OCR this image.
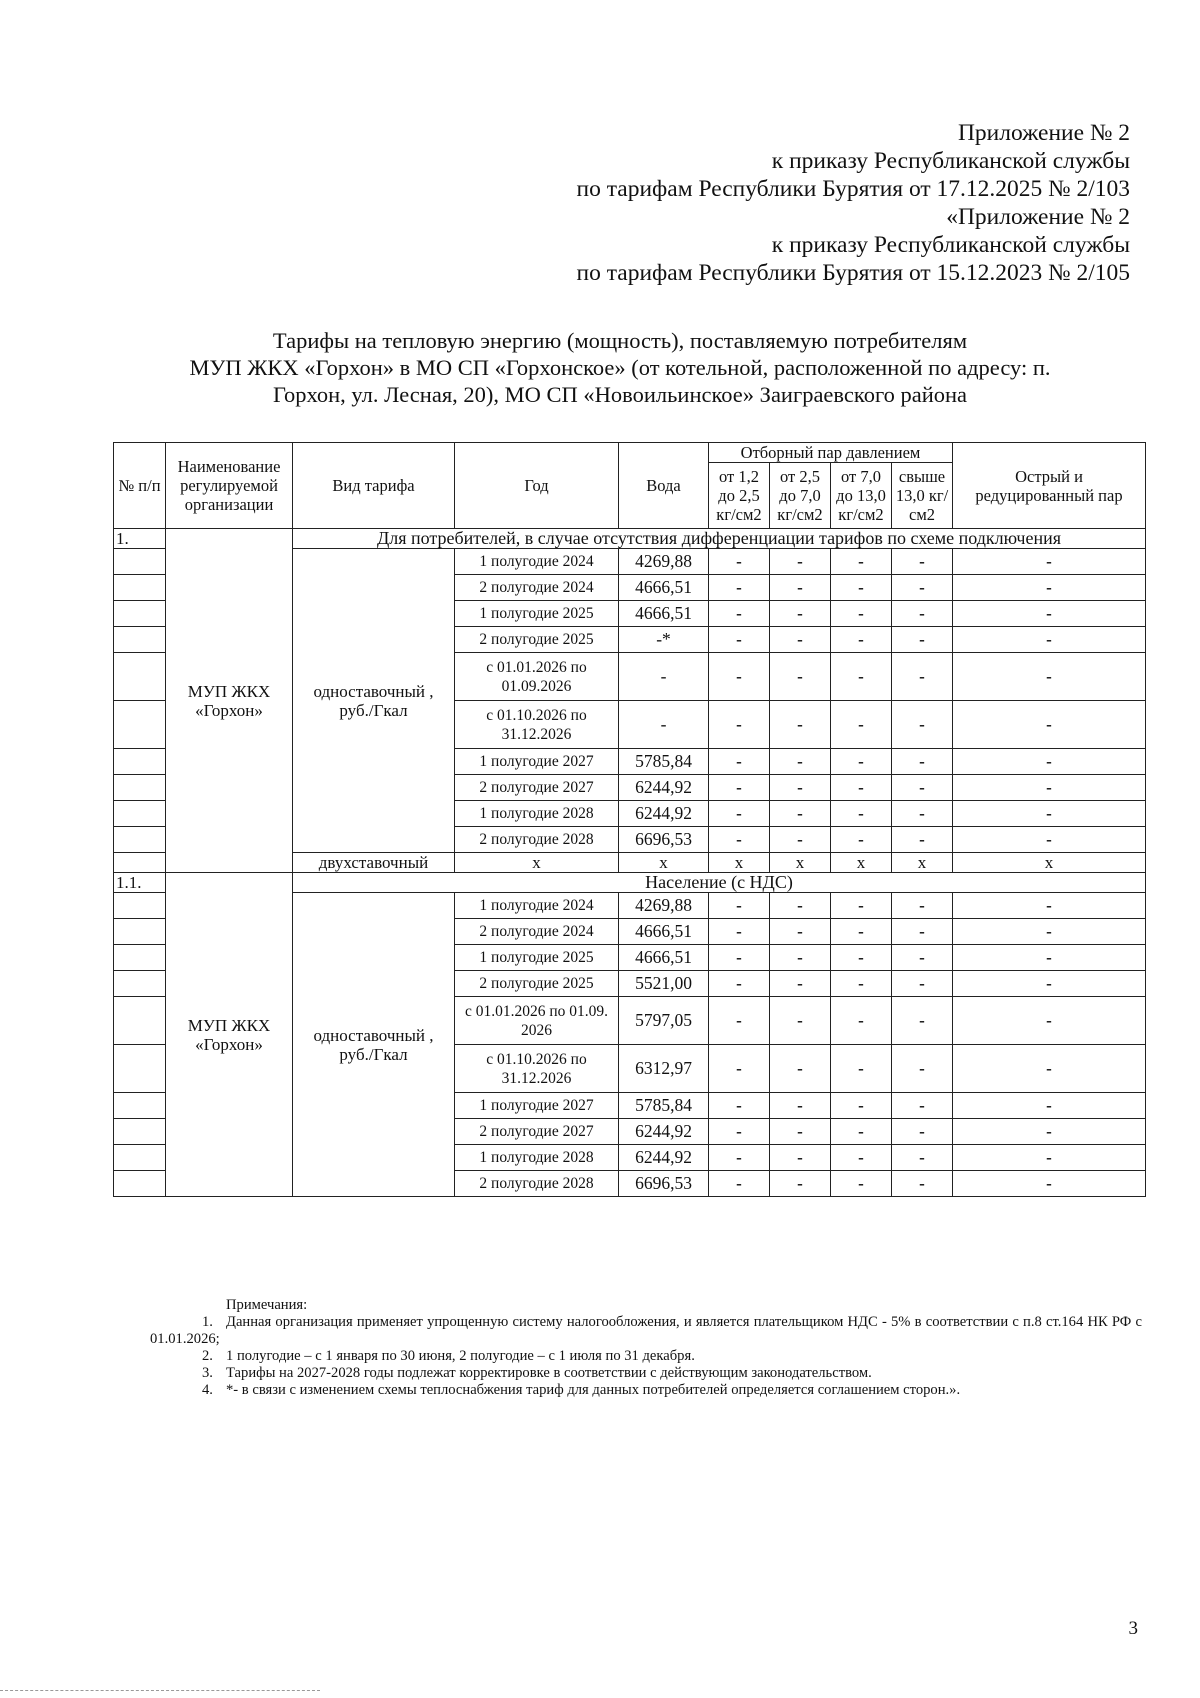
Приложение № 2
к приказу Республиканской службы
по тарифам Республики Бурятия от 17.12.2025 № 2/103
«Приложение № 2
к приказу Республиканской службы
по тарифам Республики Бурятия от 15.12.2023 № 2/105
Тарифы на тепловую энергию (мощность), поставляемую потребителям
МУП ЖКХ «Горхон» в МО СП «Горхонское» (от котельной, расположенной по адресу: п.
Горхон, ул. Лесная, 20), МО СП «Новоильинское» Заиграевского района
№ п/п	Наименование регулируемой организации	Вид тарифа	Год	Вода	Отборный пар давлением				Острый и редуцированный пар
					от 1,2 до 2,5 кг/см2	от 2,5 до 7,0 кг/см2	от 7,0 до 13,0 кг/см2	свыше 13,0 кг/см2	
1.	МУП ЖКХ «Горхон»	Для потребителей, в случае отсутствия дифференциации тарифов по схеме подключения							
		одноставочный , руб./Гкал	1 полугодие 2024	4269,88	-	-	-	-	-
			2 полугодие 2024	4666,51	-	-	-	-	-
			1 полугодие 2025	4666,51	-	-	-	-	-
			2 полугодие 2025	-*	-	-	-	-	-
			с 01.01.2026 по 01.09.2026	-	-	-	-	-	-
			с 01.10.2026 по 31.12.2026	-	-	-	-	-	-
			1 полугодие 2027	5785,84	-	-	-	-	-
			2 полугодие 2027	6244,92	-	-	-	-	-
			1 полугодие 2028	6244,92	-	-	-	-	-
			2 полугодие 2028	6696,53	-	-	-	-	-
		двухставочный	х	х	х	х	х	х	х
1.1.	МУП ЖКХ «Горхон»	Население (с НДС)							
		одноставочный , руб./Гкал	1 полугодие 2024	4269,88	-	-	-	-	-
			2 полугодие 2024	4666,51	-	-	-	-	-
			1 полугодие 2025	4666,51	-	-	-	-	-
			2 полугодие 2025	5521,00	-	-	-	-	-
			с 01.01.2026 по 01.09. 2026	5797,05	-	-	-	-	-
			с 01.10.2026 по 31.12.2026	6312,97	-	-	-	-	-
			1 полугодие 2027	5785,84	-	-	-	-	-
			2 полугодие 2027	6244,92	-	-	-	-	-
			1 полугодие 2028	6244,92	-	-	-	-	-
			2 полугодие 2028	6696,53	-	-	-	-	-
Примечания:
1. Данная организация применяет упрощенную систему налогообложения, и является плательщиком НДС - 5% в соответствии с п.8 ст.164 НК РФ с 01.01.2026;
2. 1 полугодие – с 1 января по 30 июня, 2 полугодие – с 1 июля по 31 декабря.
3. Тарифы на 2027-2028 годы подлежат корректировке в соответствии с действующим законодательством.
4. *- в связи с изменением схемы теплоснабжения тариф для данных потребителей определяется соглашением сторон.».
3
